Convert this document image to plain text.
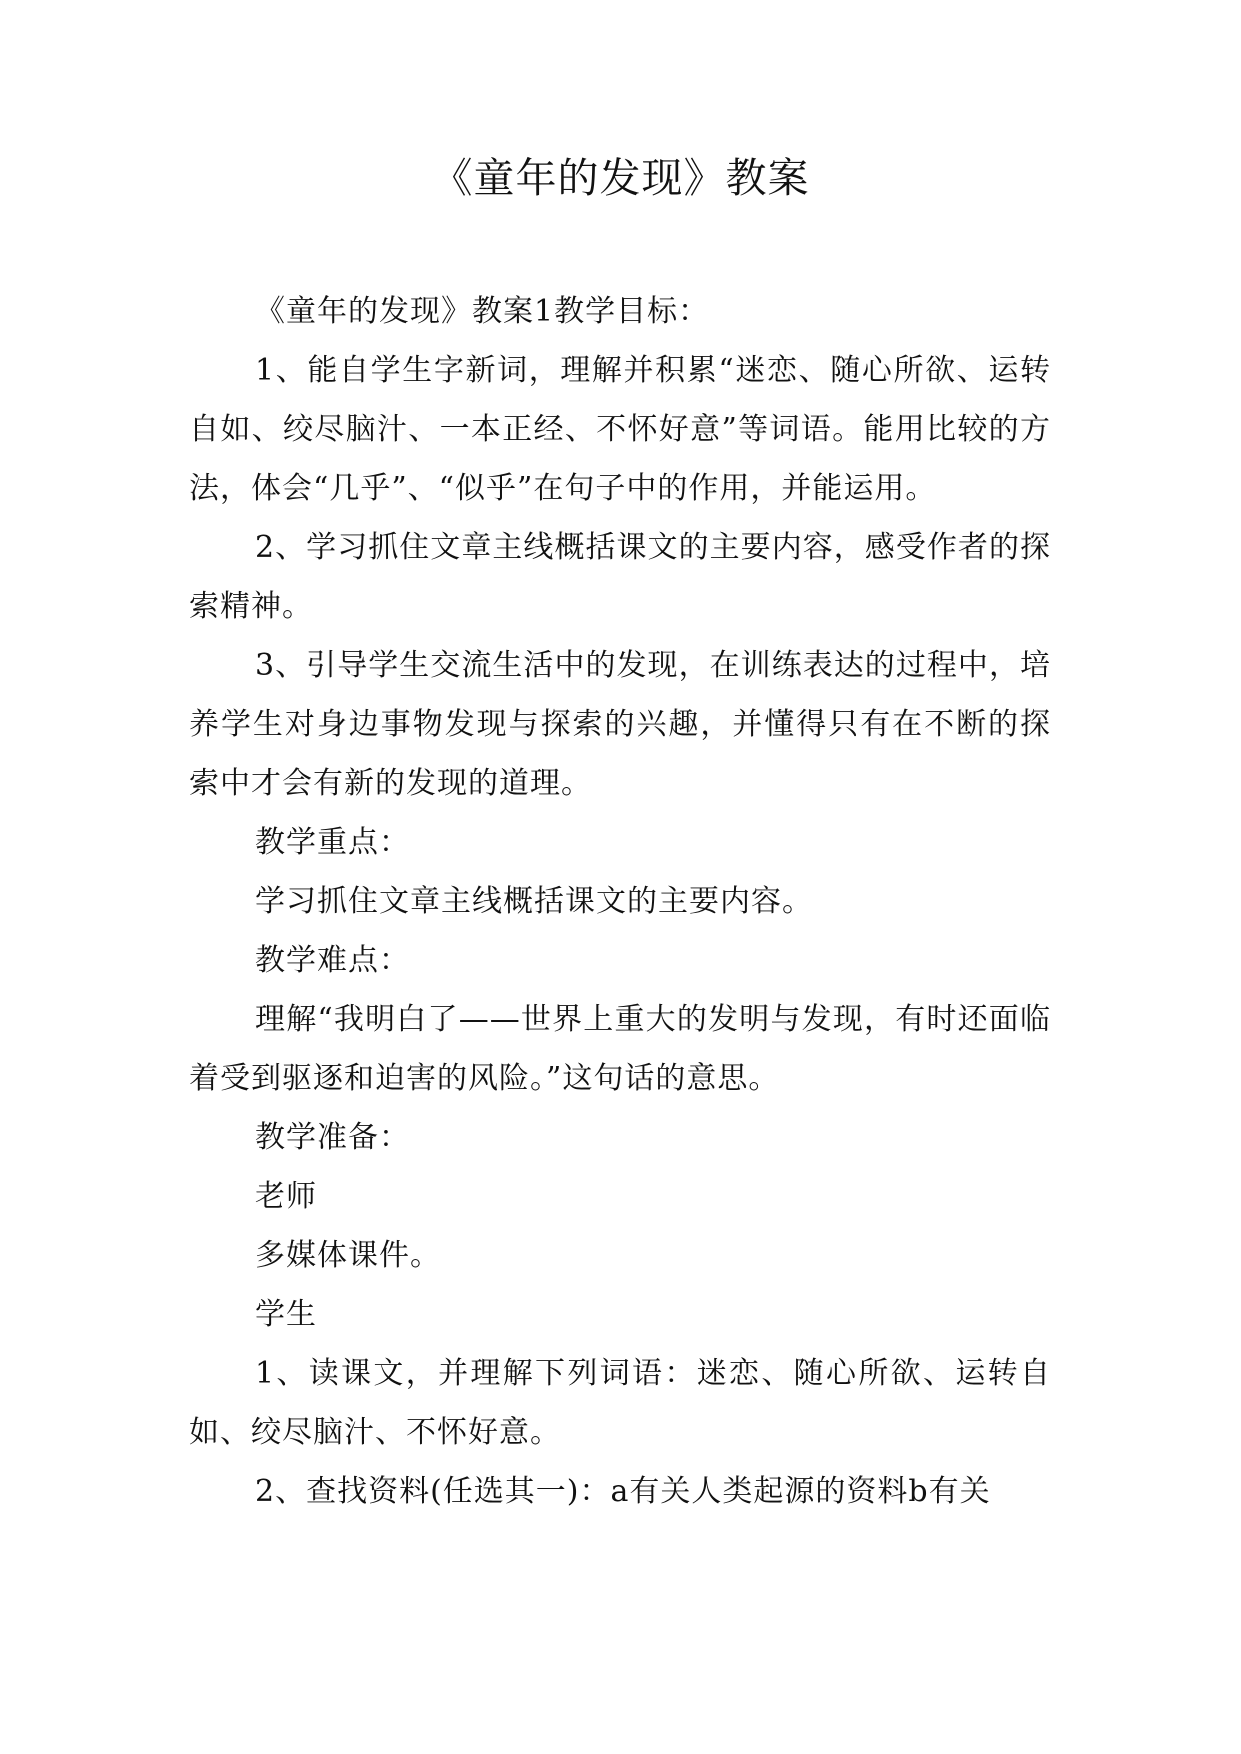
《童年的发现》教案

《童年的发现》教案1教学目标：

1、能自学生字新词，理解并积累“迷恋、随心所欲、运转自如、绞尽脑汁、一本正经、不怀好意”等词语。能用比较的方法，体会“几乎”、“似乎”在句子中的作用，并能运用。

2、学习抓住文章主线概括课文的主要内容，感受作者的探索精神。

3、引导学生交流生活中的发现，在训练表达的过程中，培养学生对身边事物发现与探索的兴趣，并懂得只有在不断的探索中才会有新的发现的道理。

教学重点：

学习抓住文章主线概括课文的主要内容。

教学难点：

理解“我明白了——世界上重大的发明与发现，有时还面临着受到驱逐和迫害的风险。”这句话的意思。

教学准备：

老师

多媒体课件。

学生

1、读课文，并理解下列词语：迷恋、随心所欲、运转自如、绞尽脑汁、不怀好意。

2、查找资料(任选其一)：a有关人类起源的资料b有关
